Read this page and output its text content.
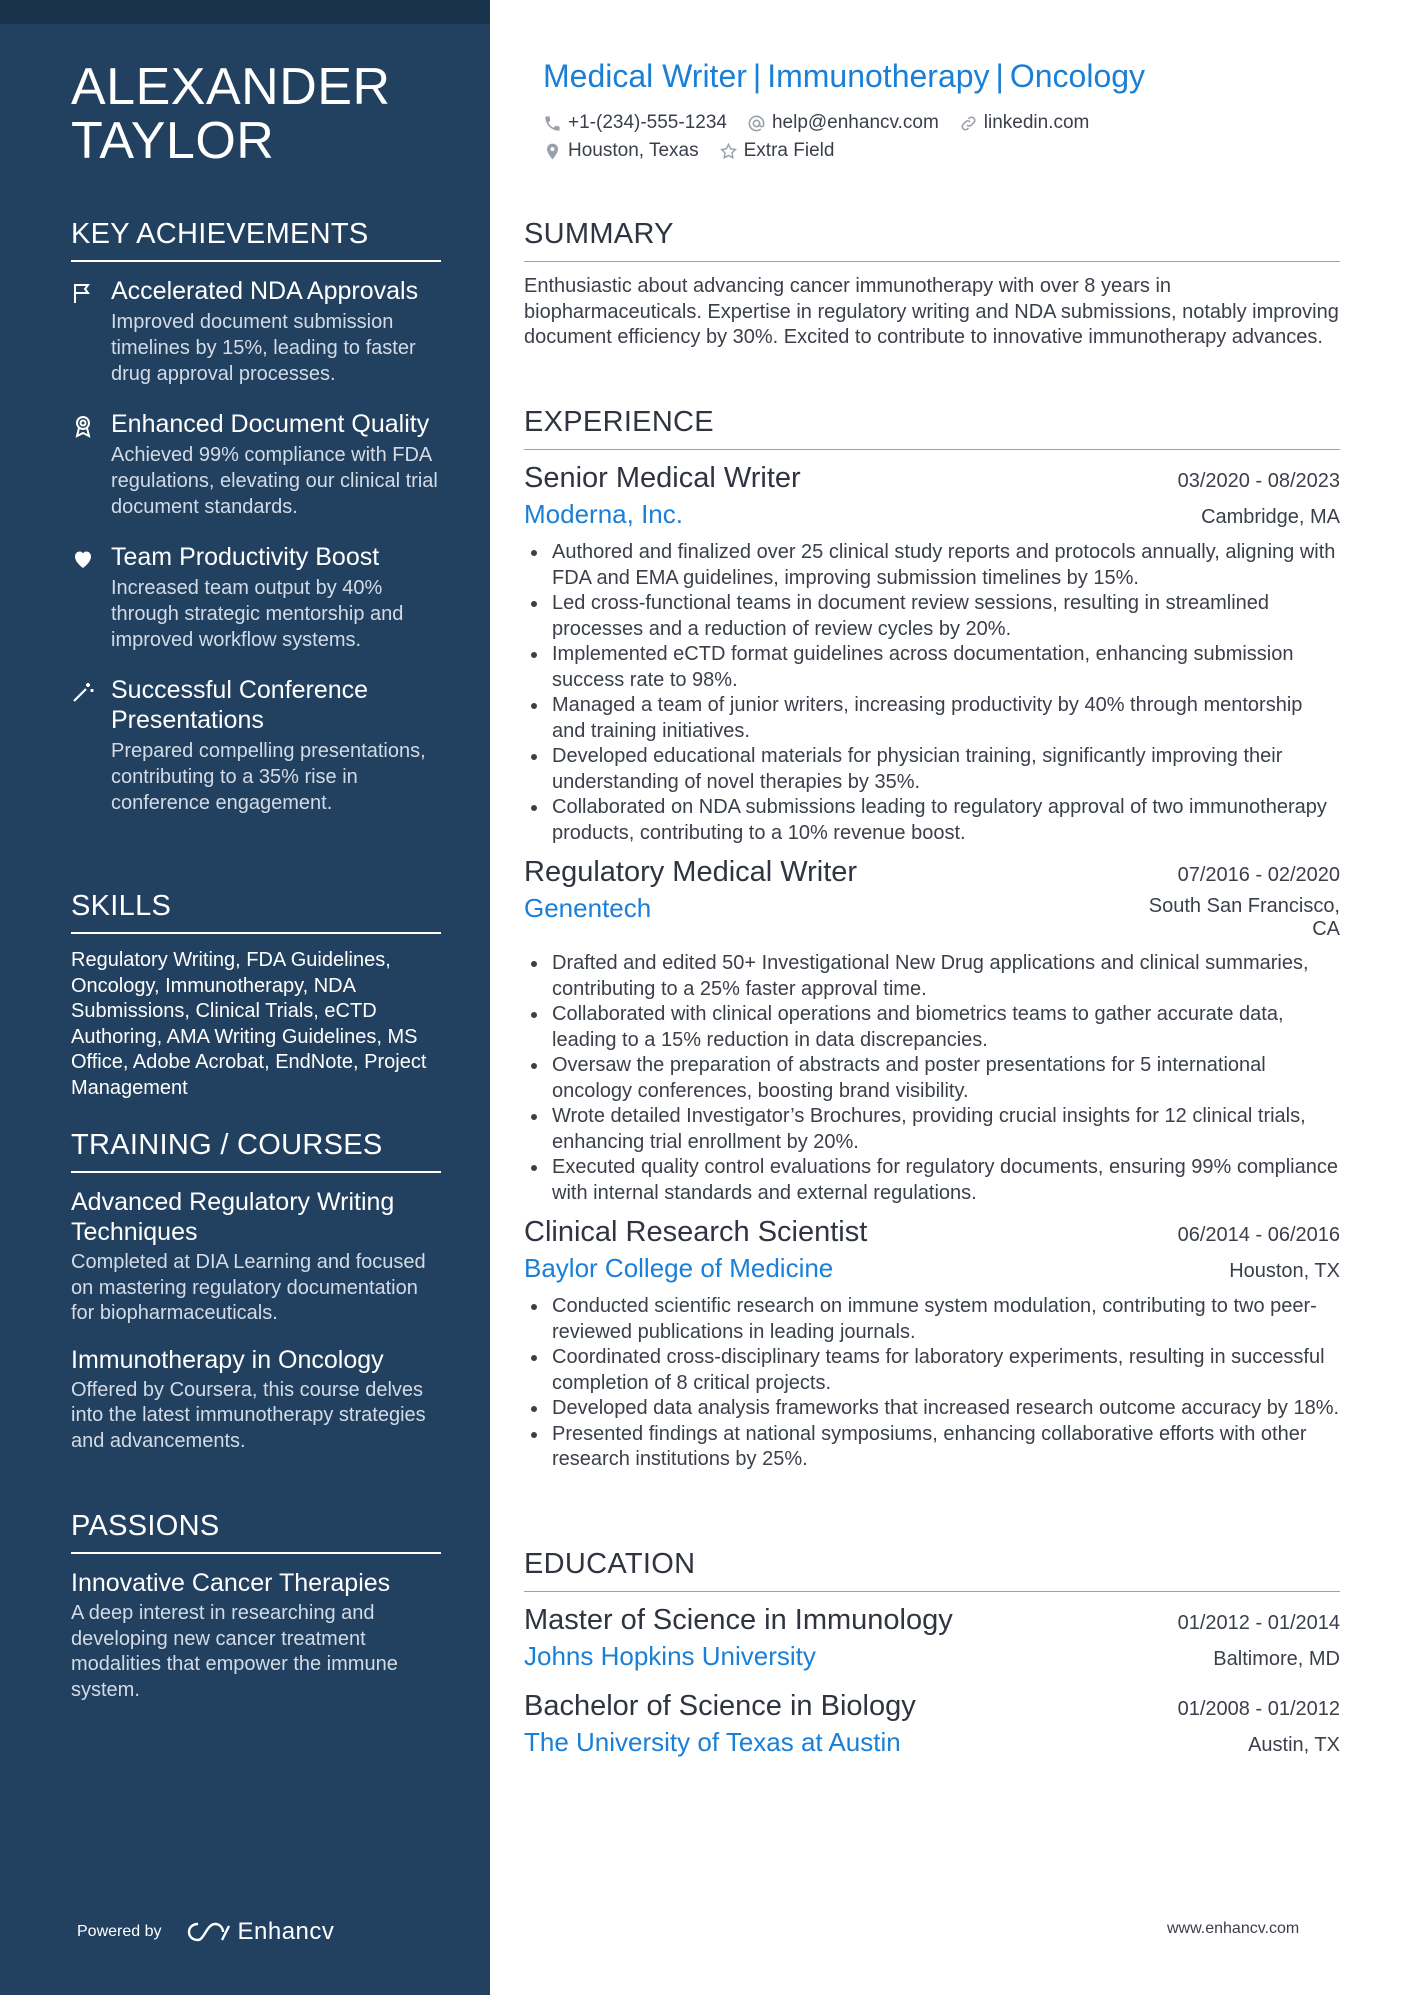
ALEXANDER
TAYLOR
KEY ACHIEVEMENTS
Accelerated NDA Approvals
Improved document submission timelines by 15%, leading to faster drug approval processes.
Enhanced Document Quality
Achieved 99% compliance with FDA regulations, elevating our clinical trial document standards.
Team Productivity Boost
Increased team output by 40% through strategic mentorship and improved workflow systems.
Successful Conference Presentations
Prepared compelling presentations, contributing to a 35% rise in conference engagement.
SKILLS
Regulatory Writing, FDA Guidelines, Oncology, Immunotherapy, NDA Submissions, Clinical Trials, eCTD Authoring, AMA Writing Guidelines, MS Office, Adobe Acrobat, EndNote, Project Management
TRAINING / COURSES
Advanced Regulatory Writing Techniques
Completed at DIA Learning and focused on mastering regulatory documentation for biopharmaceuticals.
Immunotherapy in Oncology
Offered by Coursera, this course delves into the latest immunotherapy strategies and advancements.
PASSIONS
Innovative Cancer Therapies
A deep interest in researching and developing new cancer treatment modalities that empower the immune system.
Powered by	Enhancv
Medical Writer | Immunotherapy | Oncology
+1-(234)-555-1234 help@enhancv.com linkedin.com
Houston, Texas Extra Field
SUMMARY
Enthusiastic about advancing cancer immunotherapy with over 8 years in biopharmaceuticals. Expertise in regulatory writing and NDA submissions, notably improving document efficiency by 30%. Excited to contribute to innovative immunotherapy advances.
EXPERIENCE
Senior Medical Writer	03/2020 - 08/2023
Moderna, Inc.	Cambridge, MA
Authored and finalized over 25 clinical study reports and protocols annually, aligning with FDA and EMA guidelines, improving submission timelines by 15%.
Led cross-functional teams in document review sessions, resulting in streamlined processes and a reduction of review cycles by 20%.
Implemented eCTD format guidelines across documentation, enhancing submission success rate to 98%.
Managed a team of junior writers, increasing productivity by 40% through mentorship and training initiatives.
Developed educational materials for physician training, significantly improving their understanding of novel therapies by 35%.
Collaborated on NDA submissions leading to regulatory approval of two immunotherapy products, contributing to a 10% revenue boost.
Regulatory Medical Writer	07/2016 - 02/2020
Genentech	South San Francisco, CA
Drafted and edited 50+ Investigational New Drug applications and clinical summaries, contributing to a 25% faster approval time.
Collaborated with clinical operations and biometrics teams to gather accurate data, leading to a 15% reduction in data discrepancies.
Oversaw the preparation of abstracts and poster presentations for 5 international oncology conferences, boosting brand visibility.
Wrote detailed Investigator’s Brochures, providing crucial insights for 12 clinical trials, enhancing trial enrollment by 20%.
Executed quality control evaluations for regulatory documents, ensuring 99% compliance with internal standards and external regulations.
Clinical Research Scientist	06/2014 - 06/2016
Baylor College of Medicine	Houston, TX
Conducted scientific research on immune system modulation, contributing to two peer-reviewed publications in leading journals.
Coordinated cross-disciplinary teams for laboratory experiments, resulting in successful completion of 8 critical projects.
Developed data analysis frameworks that increased research outcome accuracy by 18%.
Presented findings at national symposiums, enhancing collaborative efforts with other research institutions by 25%.
EDUCATION
Master of Science in Immunology	01/2012 - 01/2014
Johns Hopkins University	Baltimore, MD
Bachelor of Science in Biology	01/2008 - 01/2012
The University of Texas at Austin	Austin, TX
www.enhancv.com
